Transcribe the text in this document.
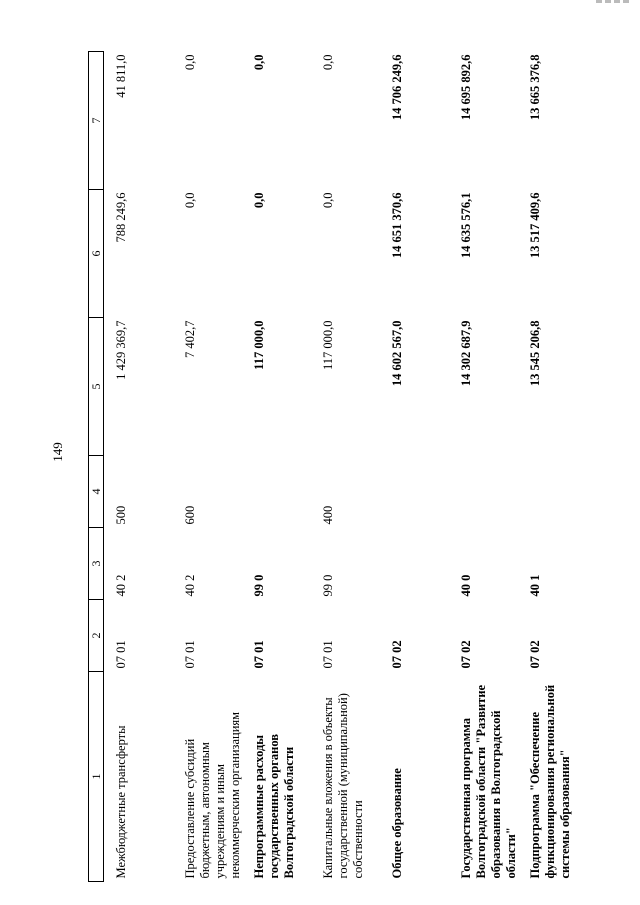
149
1	2	3	4	5	6	7
Межбюджетные трансферты	07 01	40 2	500	1 429 369,7	788 249,6	41 811,0
Предоставление субсидий бюджетным, автономным учреждениям и иным некоммерческим организациям	07 01	40 2	600	7 402,7	0,0	0,0
Непрограммные расходы государственных органов Волгоградской области	07 01	99 0		117 000,0	0,0	0,0
Капитальные вложения в объекты государственной (муниципальной) собственности	07 01	99 0	400	117 000,0	0,0	0,0
Общее образование	07 02			14 602 567,0	14 651 370,6	14 706 249,6
Государственная программа Волгоградской области "Развитие образования в Волгоградской области"	07 02	40 0		14 302 687,9	14 635 576,1	14 695 892,6
Подпрограмма "Обеспечение функционирования региональной системы образования"	07 02	40 1		13 545 206,8	13 517 409,6	13 665 376,8
